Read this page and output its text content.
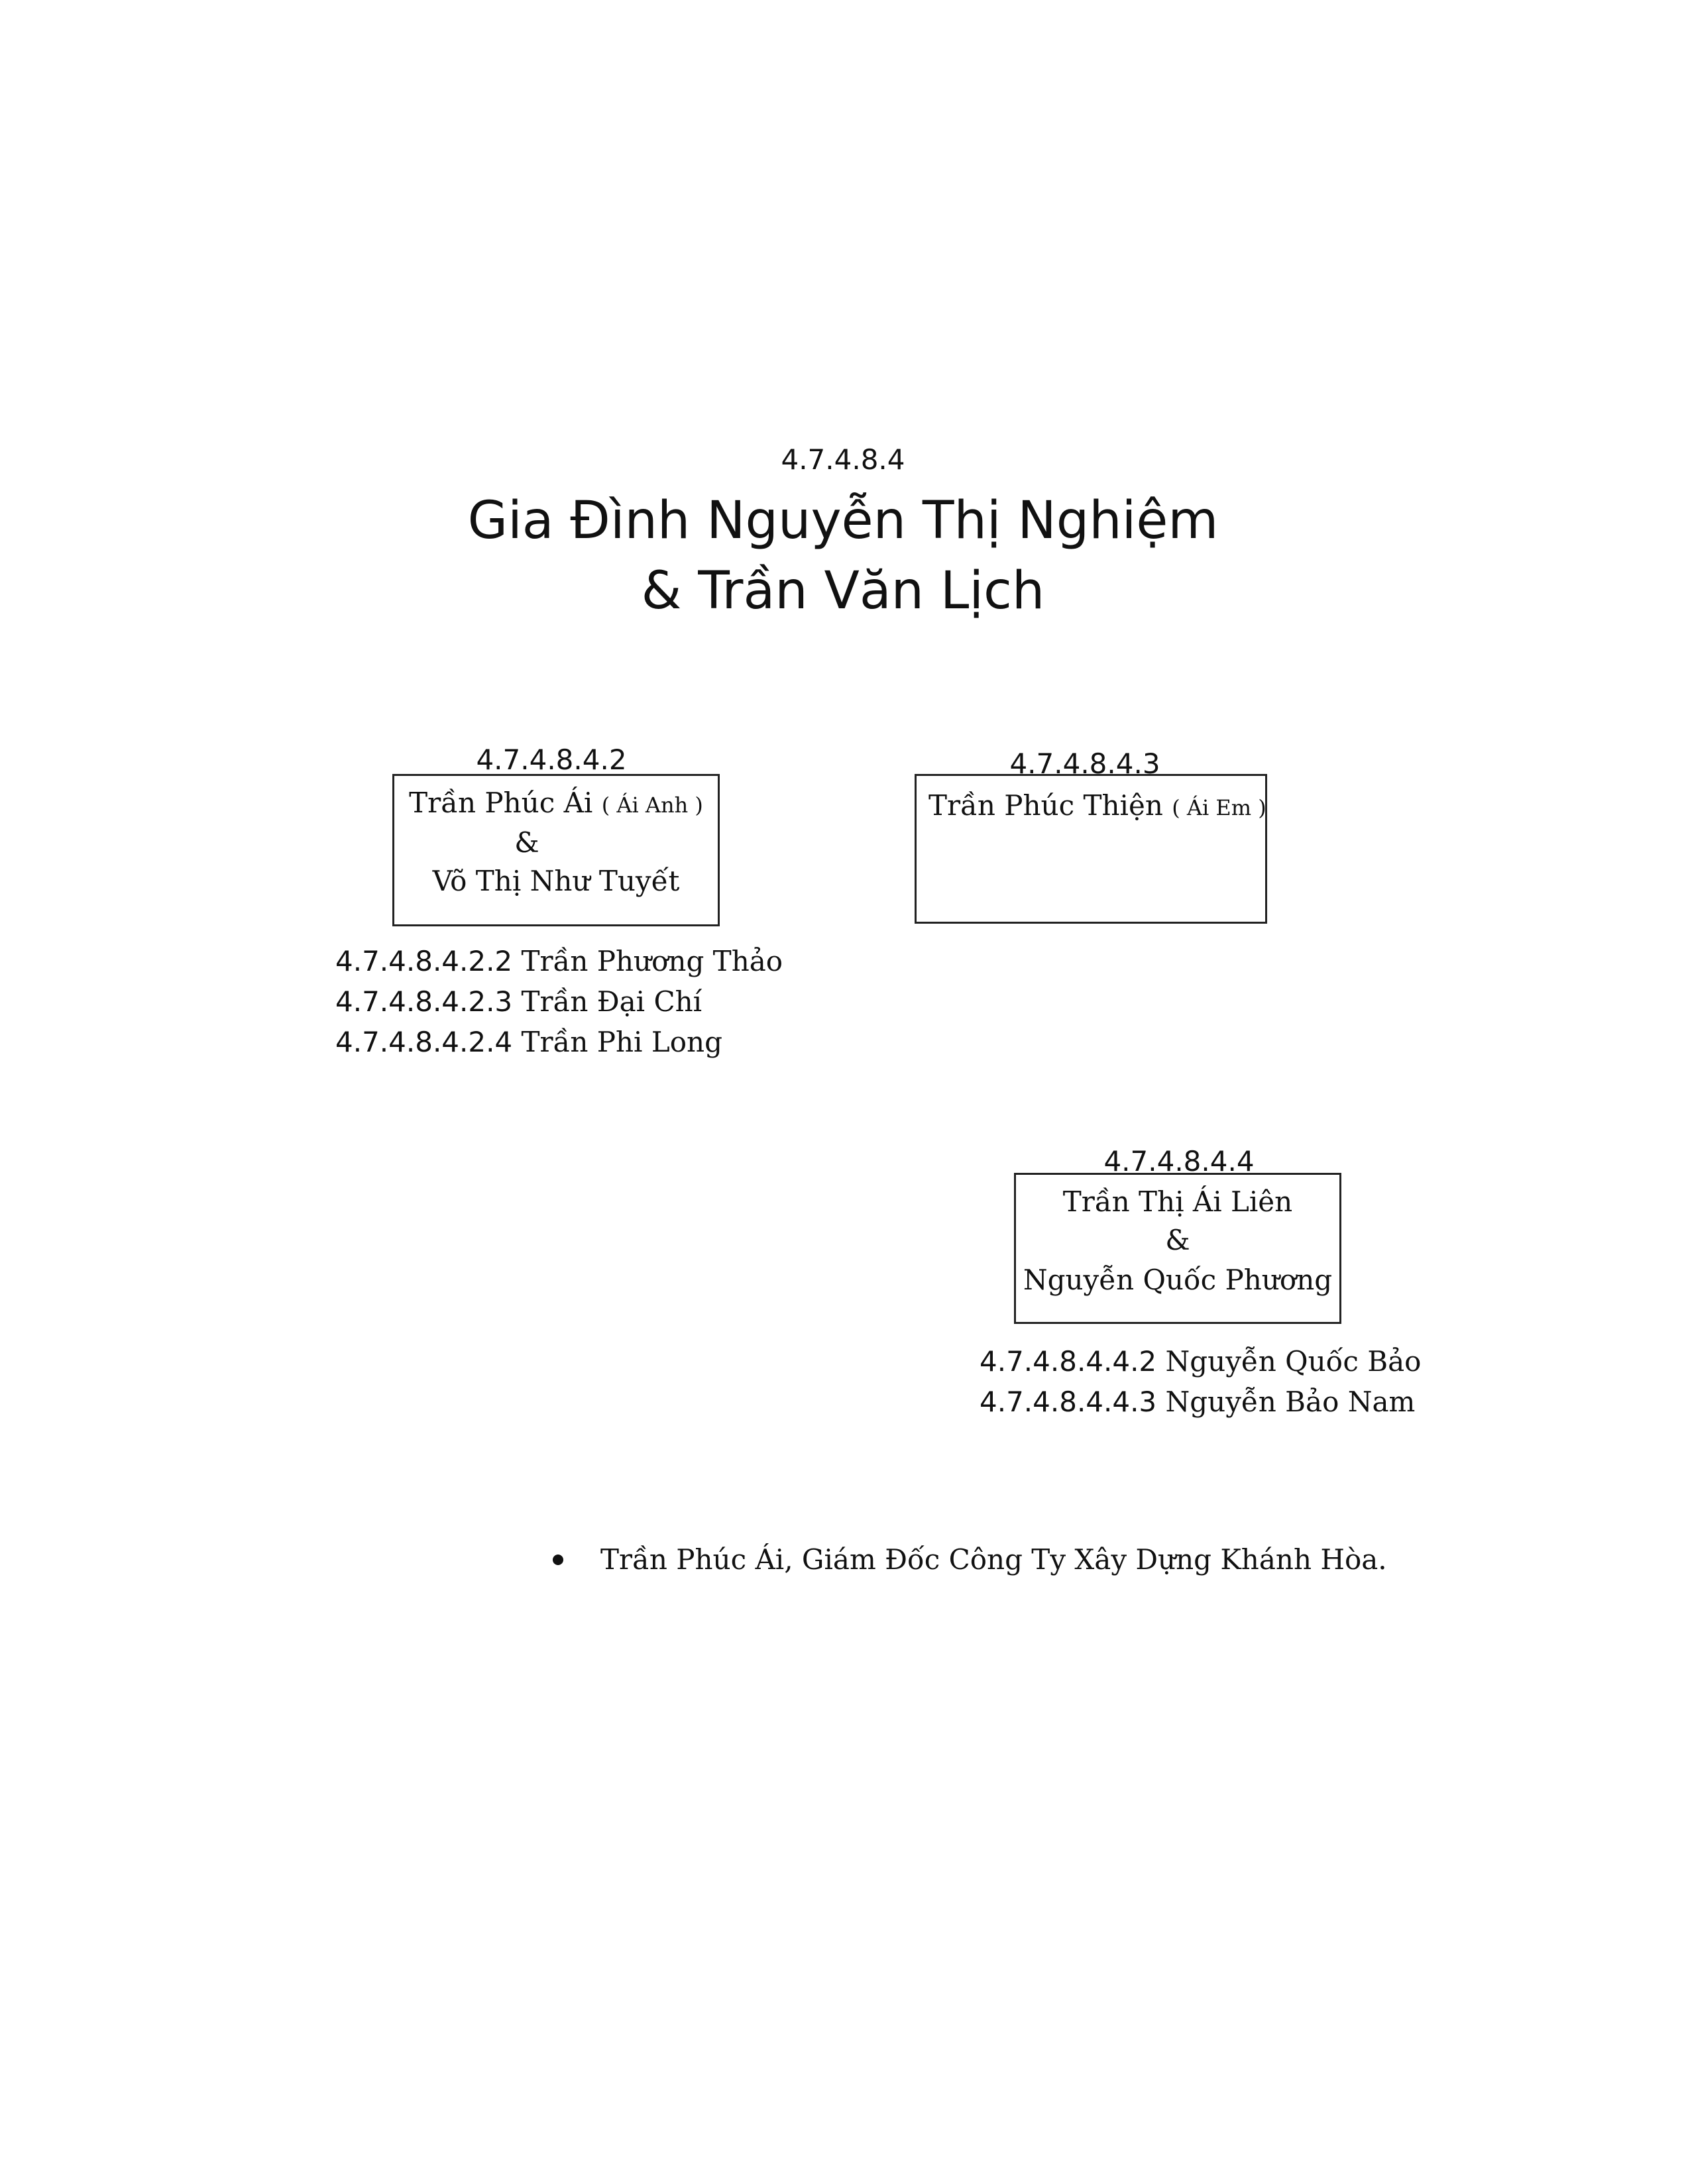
4.7.4.8.4
Gia Đình Nguyễn Thị Nghiệm
& Trần Văn Lịch
4.7.4.8.4.2
Trần Phúc Ái ( Ái Anh )
&
Võ Thị Như Tuyết
4.7.4.8.4.2.2 Trần Phương Thảo
4.7.4.8.4.2.3 Trần Đại Chí
4.7.4.8.4.2.4 Trần Phi Long
4.7.4.8.4.3
Trần Phúc Thiện ( Ái Em )
4.7.4.8.4.4
Trần Thị Ái Liên
&
Nguyễn Quốc Phương
4.7.4.8.4.4.2 Nguyễn Quốc Bảo
4.7.4.8.4.4.3 Nguyễn Bảo Nam
Trần Phúc Ái, Giám Đốc Công Ty Xây Dựng Khánh Hòa.
